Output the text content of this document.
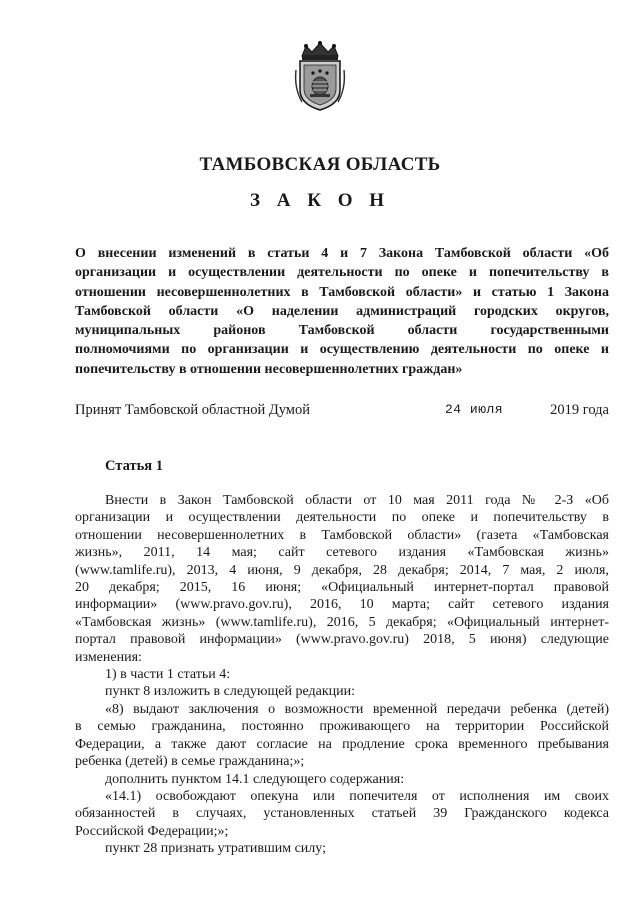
ТАМБОВСКАЯ ОБЛАСТЬ
З А К О Н
О внесении изменений в статьи 4 и 7 Закона Тамбовской области «Об
организации и осуществлении деятельности по опеке и попечительству в
отношении несовершеннолетних в Тамбовской области» и статью 1 Закона
Тамбовской области «О наделении администраций городских округов,
муниципальных районов Тамбовской области государственными
полномочиями по организации и осуществлению деятельности по опеке и
попечительству в отношении несовершеннолетних граждан»
Принят Тамбовской областной Думой	24 июля	2019 года
Статья 1
Внести в Закон Тамбовской области от 10 мая 2011 года № 2-З «Об
организации и осуществлении деятельности по опеке и попечительству в
отношении несовершеннолетних в Тамбовской области» (газета «Тамбовская
жизнь», 2011, 14 мая; сайт сетевого издания «Тамбовская жизнь»
(www.tamlife.ru), 2013, 4 июня, 9 декабря, 28 декабря; 2014, 7 мая, 2 июля,
20 декабря; 2015, 16 июня; «Официальный интернет-портал правовой
информации» (www.pravo.gov.ru), 2016, 10 марта; сайт сетевого издания
«Тамбовская жизнь» (www.tamlife.ru), 2016, 5 декабря; «Официальный интернет-
портал правовой информации» (www.pravo.gov.ru) 2018, 5 июня) следующие
изменения:
1) в части 1 статьи 4:
пункт 8 изложить в следующей редакции:
«8) выдают заключения о возможности временной передачи ребенка (детей)
в семью гражданина, постоянно проживающего на территории Российской
Федерации, а также дают согласие на продление срока временного пребывания
ребенка (детей) в семье гражданина;»;
дополнить пунктом 14.1 следующего содержания:
«14.1) освобождают опекуна или попечителя от исполнения им своих
обязанностей в случаях, установленных статьей 39 Гражданского кодекса
Российской Федерации;»;
пункт 28 признать утратившим силу;
